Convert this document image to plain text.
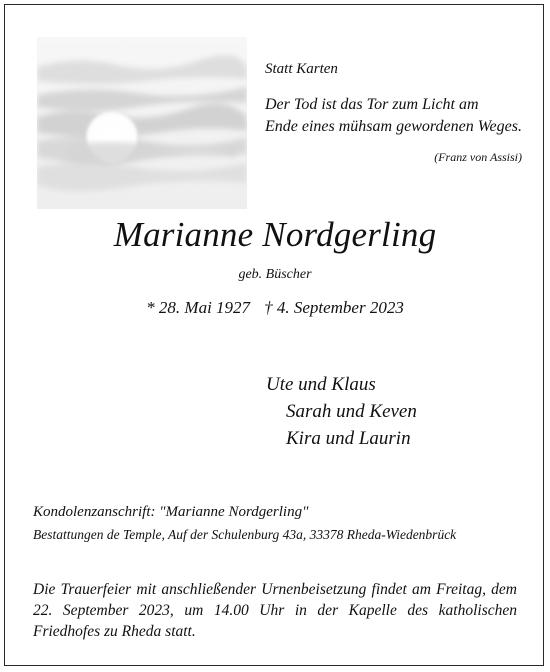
Statt Karten
Der Tod ist das Tor zum Licht am
Ende eines mühsam gewordenen Weges.
(Franz von Assisi)
Marianne Nordgerling
geb. Büscher
* 28. Mai 1927 † 4. September 2023
Ute und Klaus
Sarah und Keven
Kira und Laurin
Kondolenzanschrift: "Marianne Nordgerling"
Bestattungen de Temple, Auf der Schulenburg 43a, 33378 Rheda-Wiedenbrück
Die Trauerfeier mit anschließender Urnenbeisetzung findet am Freitag, dem 22. September 2023, um 14.00 Uhr in der Kapelle des katholischen Friedhofes zu Rheda statt.
